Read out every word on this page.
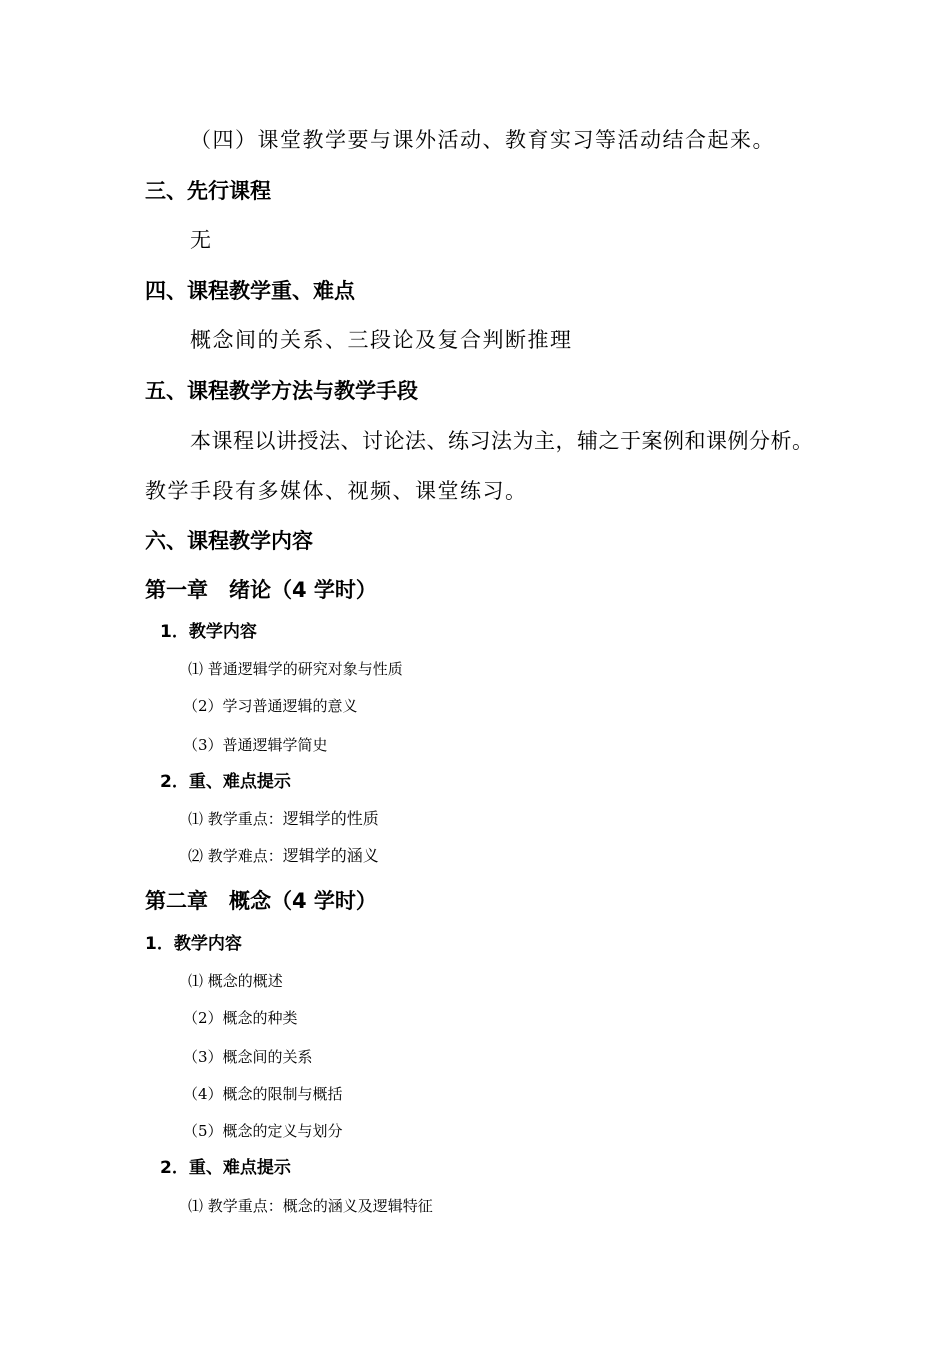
（四）课堂教学要与课外活动、教育实习等活动结合起来。
三、先行课程
无
四、课程教学重、难点
概念间的关系、三段论及复合判断推理
五、课程教学方法与教学手段
本课程以讲授法、讨论法、练习法为主，辅之于案例和课例分析。
教学手段有多媒体、视频、课堂练习。
六、课程教学内容
第一章　绪论（4 学时）
1．教学内容
⑴ 普通逻辑学的研究对象与性质
（2）学习普通逻辑的意义
（3）普通逻辑学简史
2．重、难点提示
⑴ 教学重点：逻辑学的性质
⑵ 教学难点：逻辑学的涵义
第二章　概念（4 学时）
1．教学内容
⑴ 概念的概述
（2）概念的种类
（3）概念间的关系
（4）概念的限制与概括
（5）概念的定义与划分
2．重、难点提示
⑴ 教学重点：概念的涵义及逻辑特征
